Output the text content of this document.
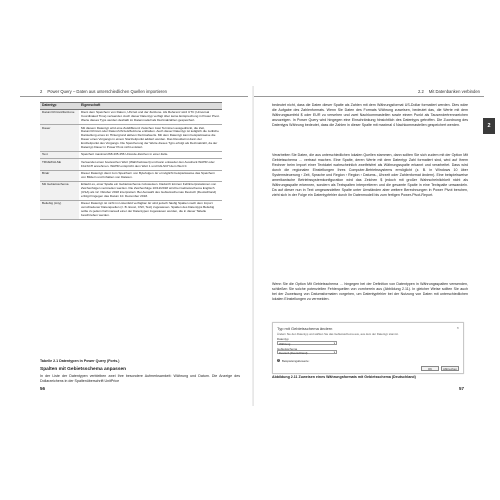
2 Power Query – Daten aus unterschiedlichen Quellen importieren
Datentyp	Eigenschaft
Datum/Uhrzeit/Zeitzone	Dient dem Speichern von Datum, Uhrzeit und der Zeitzone. Als Referenz wird UTC (Universal Coordinated Time) verwendet. Auch dieser Datentyp verfügt über keine Entsprechung in Power Pivot. Werte dieses Typs werden deshalb im Datenmodell als Dezimalzahlen gespeichert.
Dauer	Mit diesem Datentyp wird eine Zeitdifferenz zwischen zwei Terminen ausgedrückt, die Zeit, Datum/Uhrzeit oder Datum/Uhrzeit/Zeitzone enthalten. Auch dieser Datentyp ist lediglich die zeitliche Darstellung eines im Hintergrund aktiven Dezimalwerts. Mit dem Datentyp kann beispielsweise die Dauer eines Vorgangs in einem Startzeitpunkt addiert werden. Das Resultat ist dann der Endzeitpunkt des Vorgangs. Die Speicherung der Werte dieses Typs erfolgt als Dezimalzahl, da der Datentyp Dauer in Power Pivot nicht existiert.
Text	Speichert maximal 268.435.456 Unicode-Zeichen in einer Zelle.
TRUE/FALSE	Verwendet einen booleschen Wert (Wahrheitswert) und kann entweder den Ausdruck WAHR oder FALSCH annehmen. WAHR entspricht dem Wert 1 und FALSCH dem Wert 0.
Binär	Dieser Datentyp dient zum Speichern von Bytefolgen. Er ermöglicht beispielsweise das Speichern von Bildern und Inhalten von Dateien.
Mit Gebietsschema	Erlaubt es, einer Spalte ein Gebietsschema zuzuweisen. Dadurch können Fehlinterpretationen von Zeichenfolgen vermieden werden. Die Zeichenfolge 10/12/2018 wird bei Gebietsschema Englisch (USA) als 12. Oktober 2018 interpretiert. Bei Auswahl des Gebietsschemas Deutsch (Deutschland) erfolgt hingegen das Datum 10. Dezember 2018.
Beliebig (Any)	Dieser Datentyp ist nicht im Listenfeld verfügbar. Er wird jedoch häufig Spalten nach dem Import verschiedener Datenquellen (z. B. Excel, CSV, Text) zugewiesen. Spalten des Datentyps Beliebig sollte zu jedem Fall manuell einer der Datentypen zugewiesen werden, die in dieser Tabelle beschrieben werden.
Tabelle 2.1 Datentypen in Power Query (Forts.)
Spalten mit Gebietsschema anpassen

In der Liste der Datentypen verbleiben zwei Ihre besondere Aufmerksamkeit: Währung und Datum. Die Anzeige des Dollarzeichens in der Spaltenüberschrift UnitPrice

56
2.2 Mit Datenbanken verbinden

bedeutet nicht, dass die Daten dieser Spalte als Zahlen mit dem Währungsformat US-Dollar formatiert werden. Dies wäre die Aufgabe des Zahlenformats. Wenn Sie Daten des Formats Währung zuweisen, bedeutet das, die Werte mit dem Währungsumfeld $ oder EUR zu versehen und zwei Nachkommastellen sowie einem Punkt als Tausendertrennzeichen anzuzeigen. In Power Query wird hingegen eine Einschränkung hinsichtlich des Datentyps getroffen. Die Zuordnung des Datentyps Währung bedeutet, dass die Zahlen in dieser Spalte mit maximal 4 Nachkommastellen gespeichert werden.

Verarbeiten Sie Daten, die aus unterschiedlichen lokalen Quellen stammen, dann sollten Sie sich zudem mit der Option Mit Gebietsschema … vertraut machen. Eine Spalte, deren Werte mit dem Datentyp Zahl formatiert sind, wird auf Ihrem Rechner beim Import einer Textdatei wahrscheinlich zweifelsfrei als Währungsspalte erkannt und verarbeitet. Dass wird durch die regionalen Einstellungen Ihres Computer-Betriebssystems ermöglicht (z. B. in Windows 10 über Systemsteuerung › Zeit, Sprache und Region › Region › Datums-, Uhrzeit oder Zahlenformat ändern). Eine beispielsweise amerikanische Betriebssystemkonfiguration wird das Zeichen $ jedoch mit großer Wahrscheinlichkeit nicht als Währungsspalte erkennen, sondern als Textspalten interpretieren und die gesamte Spalte in eine Textspalte umwandeln. Da auf dieser nun in Text umgewandelten Spalte unter Umständen aber weitere Berechnungen in Power Pivot beruhen, zieht sich in der Folge ein Datentypfehler durch Ihr Datenmodell bis zum fertigen Power-Pivot-Report.

Wenn Sie die Option Mit Gebietsschema … hingegen bei der Definition von Datentypen in Währungsspalten verwenden, schließen Sie solche potenziellen Fehlerquellen von vornherein aus (Abbildung 2.11). In gleicher Weise sollten Sie auch bei der Zuweisung von Datumsformaten vorgehen, um Datentypfehler bei der Nutzung von Daten mit unterschiedlichen lokalen Einstellungen zu vermeiden.

Typ mit Gebietsschema ändern	×
Ändern Sie den Datentyp und wählen Sie das Gebietsschema aus, aus dem der Datentyp stammt.
Datentyp
Währung	▾
Gebietsschema
Deutsch (Deutschland)	▾
i	Beispieleingabewerte:
OK	Abbrechen
Abbildung 2.11 Zuweisen eines Währungsformats mit Gebietsschema (Deutschland)
57
2
